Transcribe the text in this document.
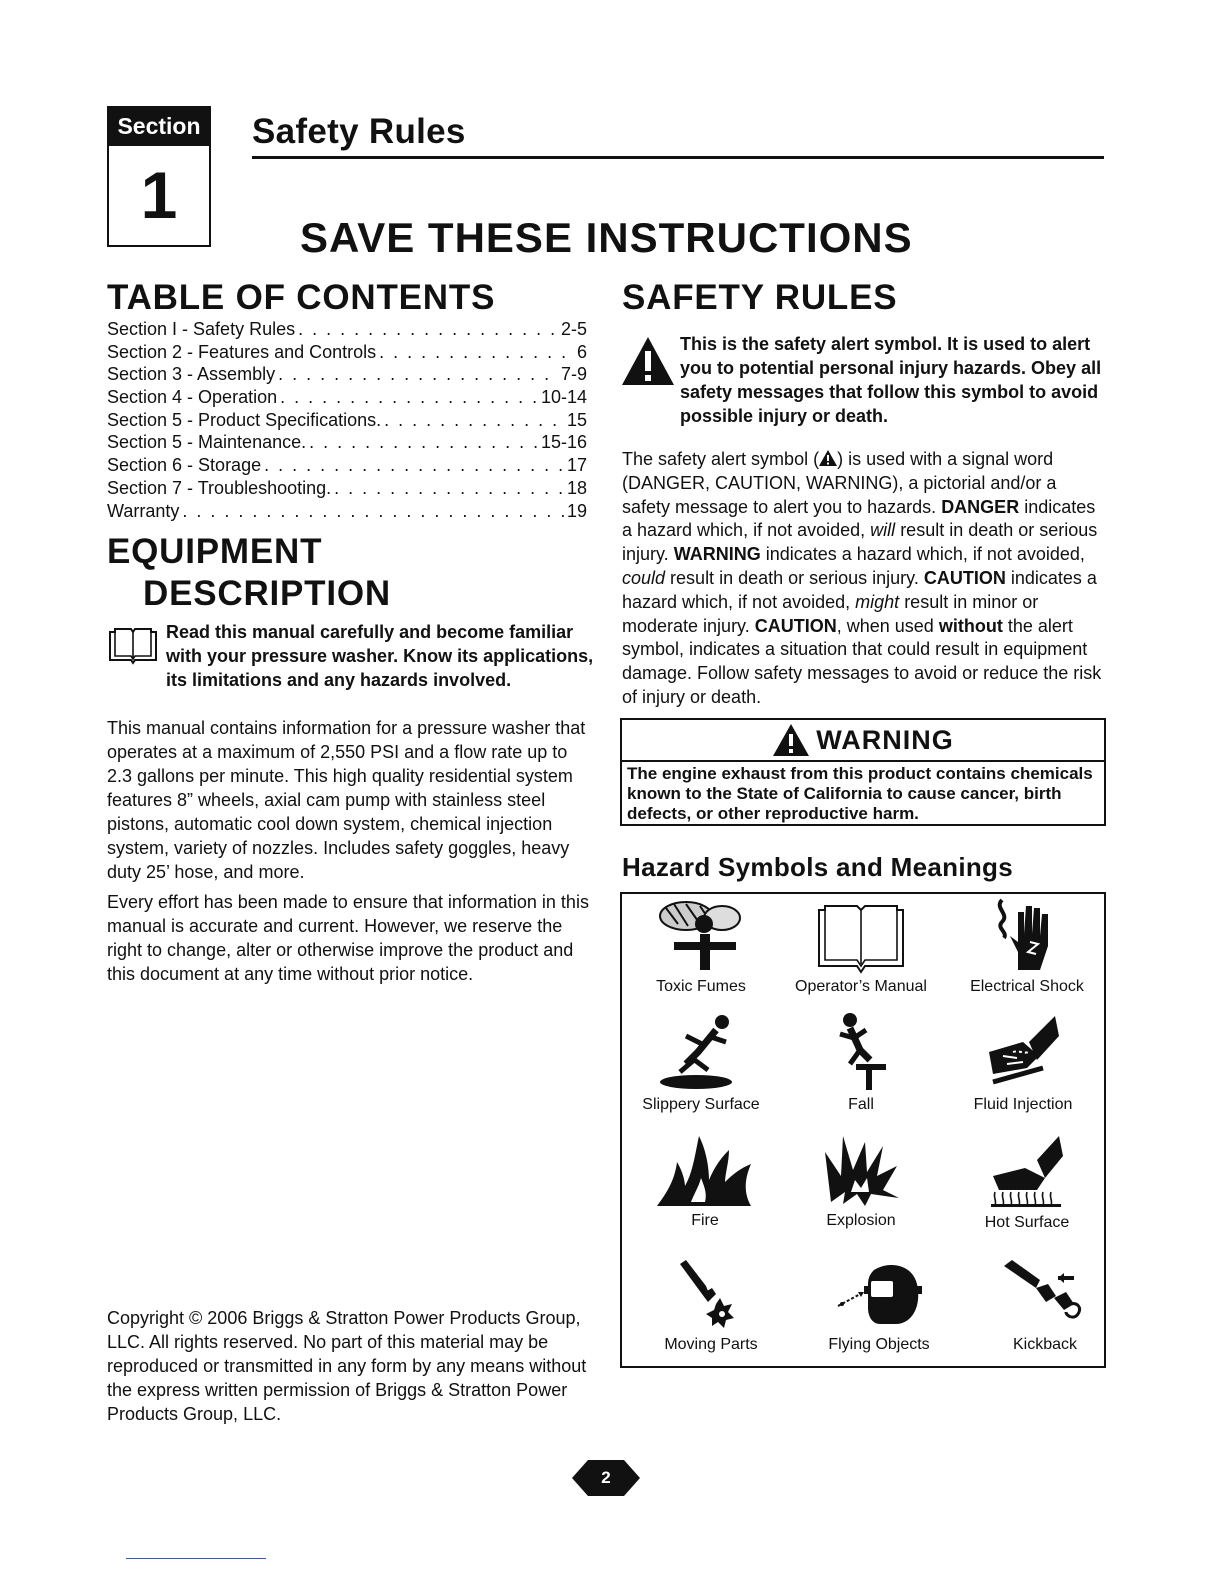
Section
1
Safety Rules
SAVE THESE INSTRUCTIONS
TABLE OF CONTENTS
Section I - Safety Rules . . .	2-5
Section 2 - Features and Controls . . .	6
Section 3 - Assembly . . .	7-9
Section 4 - Operation . . .	10-14
Section 5 - Product Specifications. . . .	15
Section 5 - Maintenance. . . .	15-16
Section 6 - Storage . . .	17
Section 7 - Troubleshooting. . . .	18
Warranty . . .	19
EQUIPMENT
DESCRIPTION
Read this manual carefully and become familiar with your pressure washer. Know its applications, its limitations and any hazards involved.
This manual contains information for a pressure washer that operates at a maximum of 2,550 PSI and a flow rate up to 2.3 gallons per minute. This high quality residential system features 8” wheels, axial cam pump with stainless steel pistons, automatic cool down system, chemical injection system, variety of nozzles. Includes safety goggles, heavy duty 25’ hose, and more.
Every effort has been made to ensure that information in this manual is accurate and current. However, we reserve the right to change, alter or otherwise improve the product and this document at any time without prior notice.
Copyright © 2006 Briggs & Stratton Power Products Group, LLC. All rights reserved. No part of this material may be reproduced or transmitted in any form by any means without the express written permission of Briggs & Stratton Power Products Group, LLC.
SAFETY RULES
This is the safety alert symbol. It is used to alert you to potential personal injury hazards. Obey all safety messages that follow this symbol to avoid possible injury or death.
The safety alert symbol ( ) is used with a signal word (DANGER, CAUTION, WARNING), a pictorial and/or a safety message to alert you to hazards. DANGER indicates a hazard which, if not avoided, will result in death or serious injury. WARNING indicates a hazard which, if not avoided, could result in death or serious injury. CAUTION indicates a hazard which, if not avoided, might result in minor or moderate injury. CAUTION, when used without the alert symbol, indicates a situation that could result in equipment damage. Follow safety messages to avoid or reduce the risk of injury or death.
WARNING
The engine exhaust from this product contains chemicals known to the State of California to cause cancer, birth defects, or other reproductive harm.
Hazard Symbols and Meanings
Toxic Fumes	Operator’s Manual	Electrical Shock
Slippery Surface	Fall	Fluid Injection
Fire	Explosion	Hot Surface
Moving Parts	Flying Objects	Kickback
2
